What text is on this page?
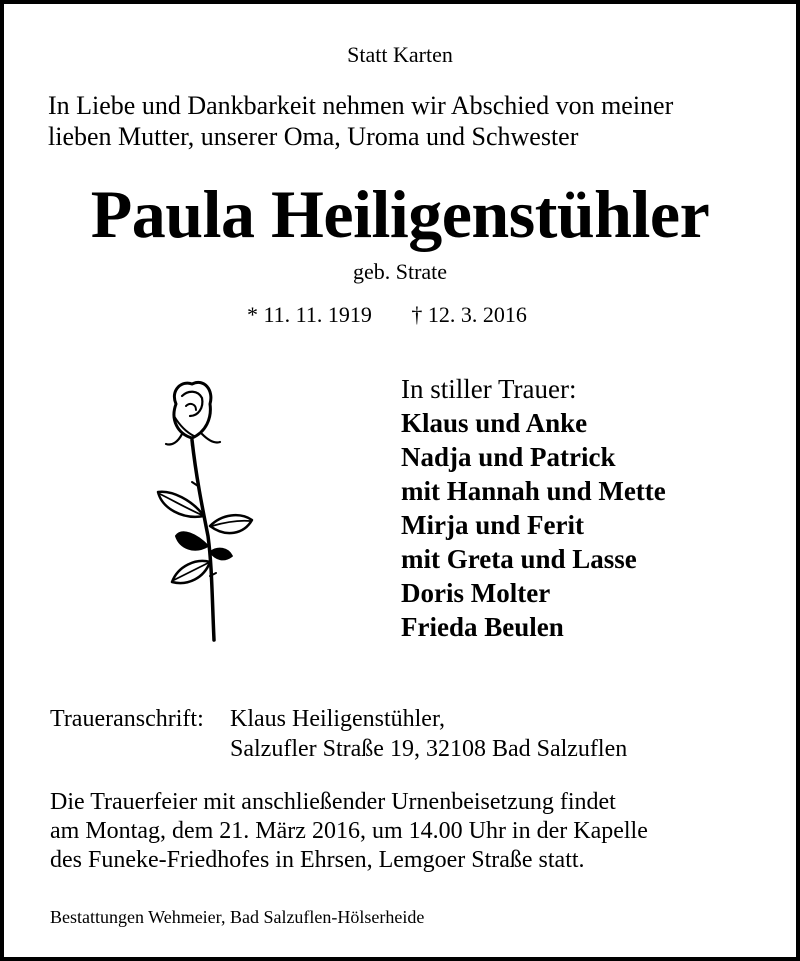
Statt Karten
In Liebe und Dankbarkeit nehmen wir Abschied von meiner
lieben Mutter, unserer Oma, Uroma und Schwester
Paula Heiligenstühler
geb. Strate
* 11. 11. 1919 † 12. 3. 2016
In stiller Trauer:
Klaus und Anke
Nadja und Patrick
mit Hannah und Mette
Mirja und Ferit
mit Greta und Lasse
Doris Molter
Frieda Beulen
Traueranschrift:	Klaus Heiligenstühler,
Salzufler Straße 19, 32108 Bad Salzuflen
Die Trauerfeier mit anschließender Urnenbeisetzung findet
am Montag, dem 21. März 2016, um 14.00 Uhr in der Kapelle
des Funeke-Friedhofes in Ehrsen, Lemgoer Straße statt.
Bestattungen Wehmeier, Bad Salzuflen-Hölserheide
